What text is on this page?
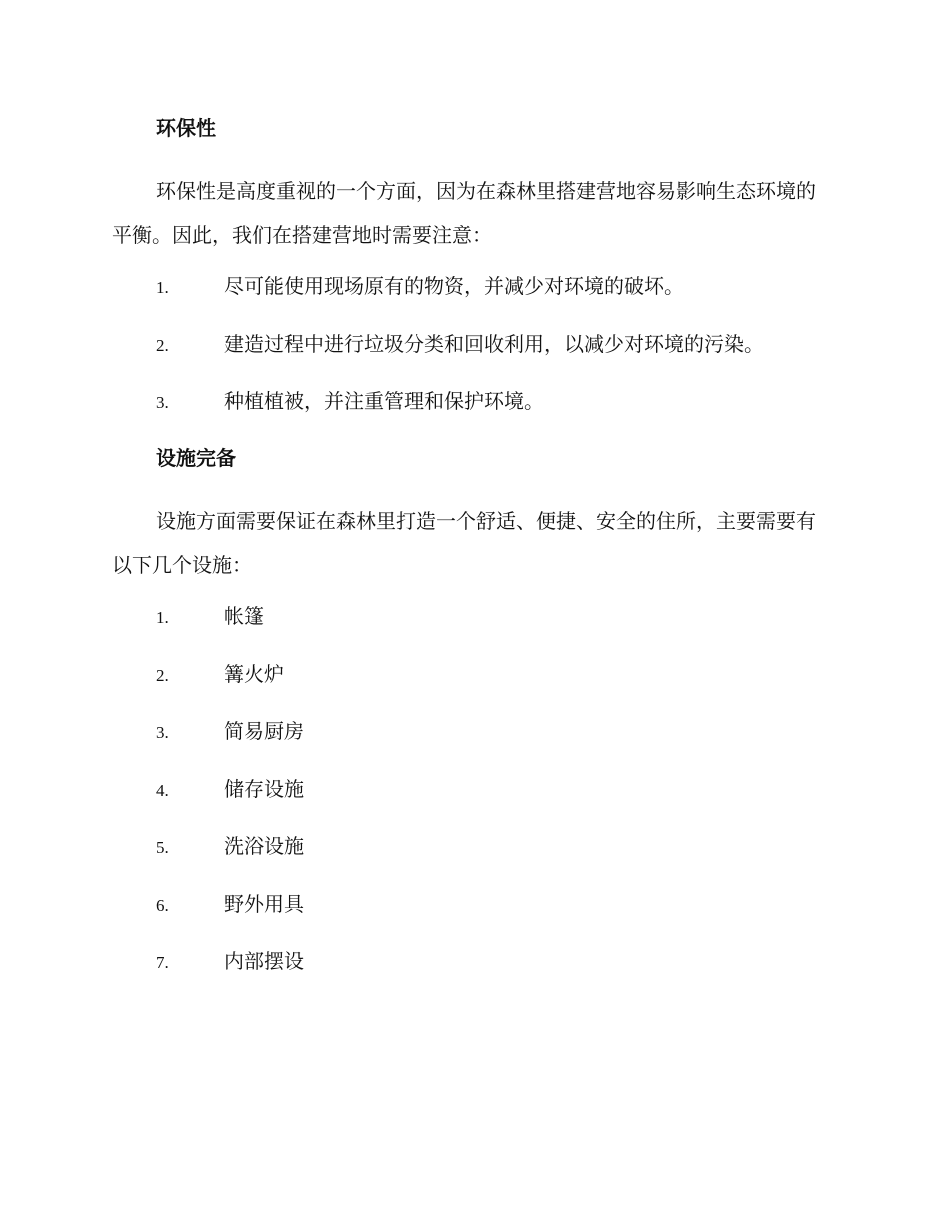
环保性

环保性是高度重视的一个方面，因为在森林里搭建营地容易影响生态环境的平衡。因此，我们在搭建营地时需要注意：

1.	尽可能使用现场原有的物资，并减少对环境的破坏。
2.	建造过程中进行垃圾分类和回收利用，以减少对环境的污染。
3.	种植植被，并注重管理和保护环境。
设施完备

设施方面需要保证在森林里打造一个舒适、便捷、安全的住所，主要需要有以下几个设施：

1.	帐篷
2.	篝火炉
3.	简易厨房
4.	储存设施
5.	洗浴设施
6.	野外用具
7.	内部摆设
